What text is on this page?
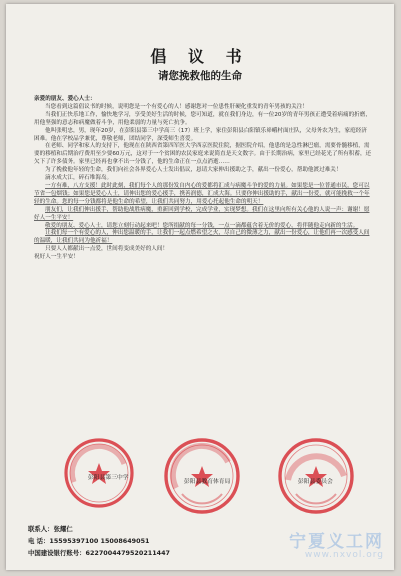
倡 议 书
请您挽救他的生命

亲爱的朋友、爱心人士：

当您看到这篇倡议书的时候，说明您是一个有爱心的人！感谢您对一位患性肝硬化重发的青年男孩的关注！

当我们正快乐地工作，愉快地学习，享受美好生活的时候，您可知道，就在我们身边，有一位20岁的青年男孩正遭受着病痛的折磨，用他坚强的意志和病魔做着斗争，用他柔弱的力量与死亡抗争。

他叫张明忠，男，现年20岁，在彭阳县第三中学高三（17）班上学，家住彭阳县白阳镇乐峁峨村面庄队，父母务农为生，家庭经济困难。他在学校品学兼优，尊敬老师，团结同学，深受师生喜爱。

在老师、同学和家人的支持下，他现在在陕西省第四军医大学西京医院住院，据医院介绍，他患的是急性淋巴瘤，需要骨髓移植，需要的移植和后期治疗费用至少要60万元，这对于一个贫困的农民家庭来说简直是天文数字。由于长期治病，家里已经花光了所有积蓄，还欠下了许多债务。家里已经再也拿不出一分钱了，他的生命正在一点点消逝……

为了挽救他年轻的生命，我们向社会各界爱心人士发出倡议，恳请大家伸出援助之手，献出一份爱心，帮助他渡过难关！

滴水成大江，碎石堆海岛。

一方有难，八方支援！此时此刻，我们每个人的那份发自内心的爱都将汇成与病魔斗争的爱的力量。如果您是一位普通市民，您可以节省一包烟钱；如果您是爱心人士，请伸出您的爱心援手，携善润德，汇成大海。只要你伸出援助的手，献出一份爱，就可能挽救一个年轻的生命。您的每一分钱都将是他生命的希望，让我们共同努力，用爱心托起他生命的明天！

朋友们，让我们伸出援手，帮助他战胜病魔，重新回到学校，完成学业，实现梦想。我们在这里向所有关心他的人说一声：谢谢！愿好人一生平安！

敬爱的朋友、爱心人士，请您立刻行动起来吧！您所捐献的每一分钱，一点一滴都蕴含着无价的爱心，将伴随他走向新的生活。

让我们每一个有爱心的人，伸出您温暖的手，让我们一起点燃希望之火，尽自己的微薄之力，献出一份爱心，让他们再一次感受人间的温暖，让我们共同为他祈福！

只要人人都献出一点爱，世间将变成美好的人间！

祝好人一生平安！

彭阳县第三中学
彭阳县教育体育局	彭阳县委员会
联系人：张耀仁
电 话：15595397100 15008649051
中国建设银行账号：6227004479520211447
宁夏义工网
www.nxvol.org
